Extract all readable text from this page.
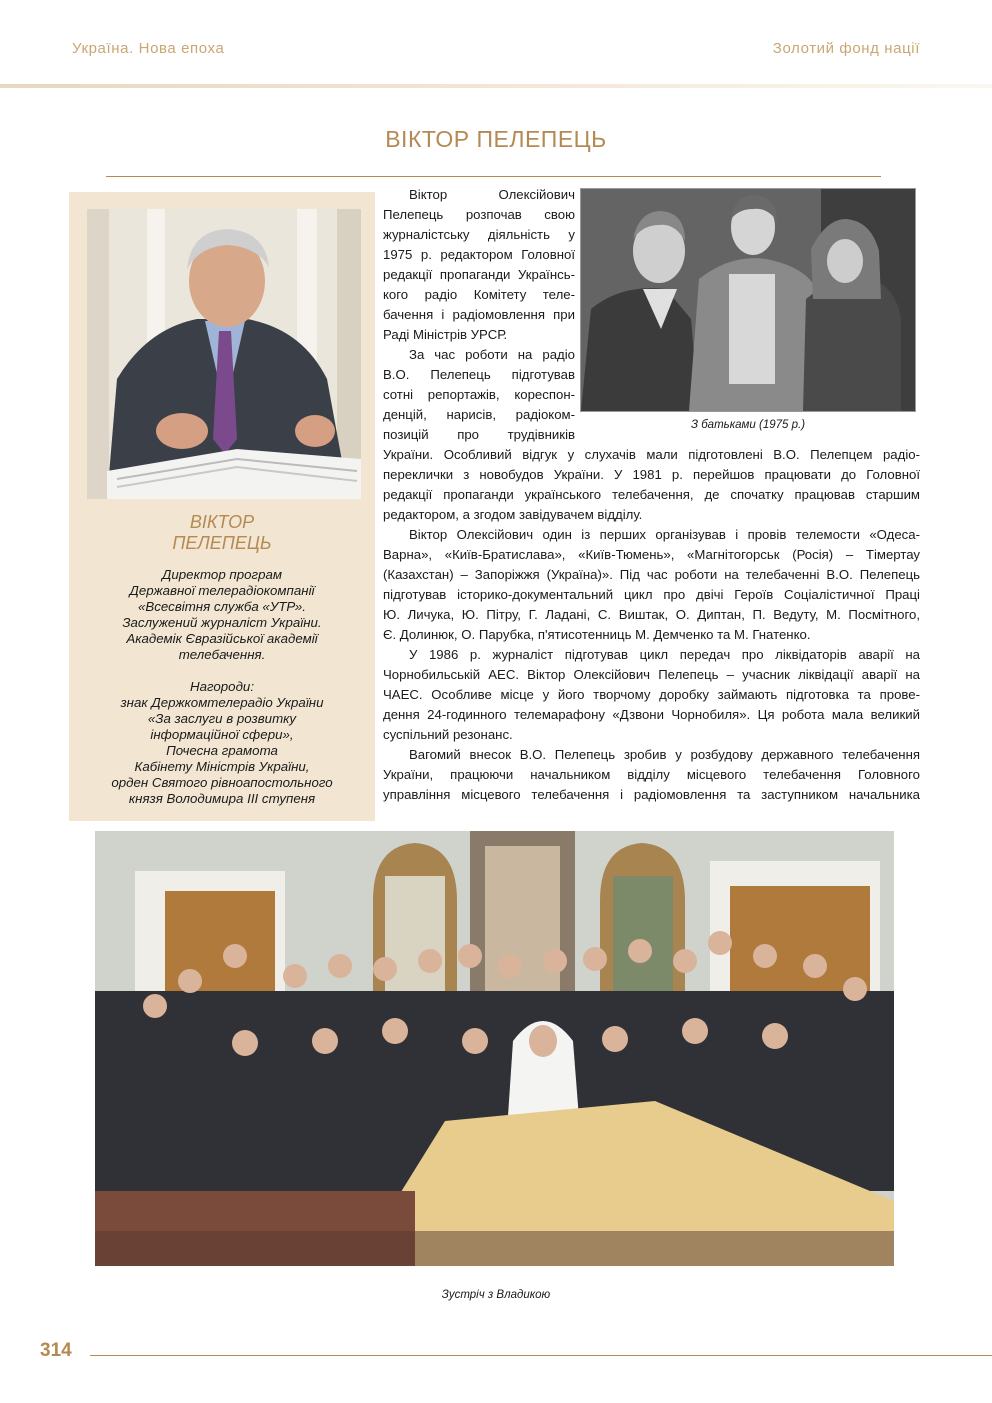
Україна. Нова епоха	Золотий фонд нації
ВІКТОР ПЕЛЕПЕЦЬ
ВІКТОР
ПЕЛЕПЕЦЬ
Директор програм
Державної телерадіокомпанії
«Всесвітня служба «УТР».
Заслужений журналіст України.
Академік Євразійської академії
телебачення.
Нагороди:
знак Держкомтелерадіо України
«За заслуги в розвитку
інформаційної сфери»,
Почесна грамота
Кабінету Міністрів України,
орден Святого рівноапостольного
князя Володимира ІІІ ступеня
З батьками (1975 р.)
Віктор Олексійович
Пелепець розпочав свою
журналістську діяльність у
1975 р. редактором Головної
редакції пропаганди Українсь-
кого радіо Комітету теле-
бачення і радіомовлення при
Раді Міністрів УРСР.
За час роботи на радіо
В.О. Пелепець підготував
сотні репортажів, кореспон-
денцій, нарисів, радіоком-
позицій про трудівників
України. Особливий відгук у слухачів мали підготовлені В.О. Пелепцем радіо-
переклички з новобудов України. У 1981 р. перейшов працювати до Головної
редакції пропаганди українського телебачення, де спочатку працював старшим
редактором, а згодом завідувачем відділу.
Віктор Олексійович один із перших організував і провів телемости «Одеса-
Варна», «Київ-Братислава», «Київ-Тюмень», «Магнітогорськ (Росія) – Тімертау
(Казахстан) – Запоріжжя (Україна)». Під час роботи на телебаченні В.О. Пелепець
підготував історико-документальний цикл про двічі Героїв Соціалістичної Праці
Ю. Личука, Ю. Пітру, Г. Ладані, С. Виштак, О. Диптан, П. Ведуту, М. Посмітного,
Є. Долинюк, О. Парубка, п'ятисотенниць М. Демченко та М. Гнатенко.
У 1986 р. журналіст підготував цикл передач про ліквідаторів аварії на
Чорнобильській АЕС. Віктор Олексійович Пелепець – учасник ліквідації аварії на
ЧАЕС. Особливе місце у його творчому доробку займають підготовка та прове-
дення 24-годинного телемарафону «Дзвони Чорнобиля». Ця робота мала великий
суспільний резонанс.
Вагомий внесок В.О. Пелепець зробив у розбудову державного телебачення
України, працюючи начальником відділу місцевого телебачення Головного
управління місцевого телебачення і радіомовлення та заступником начальника
Зустріч з Владикою
314
